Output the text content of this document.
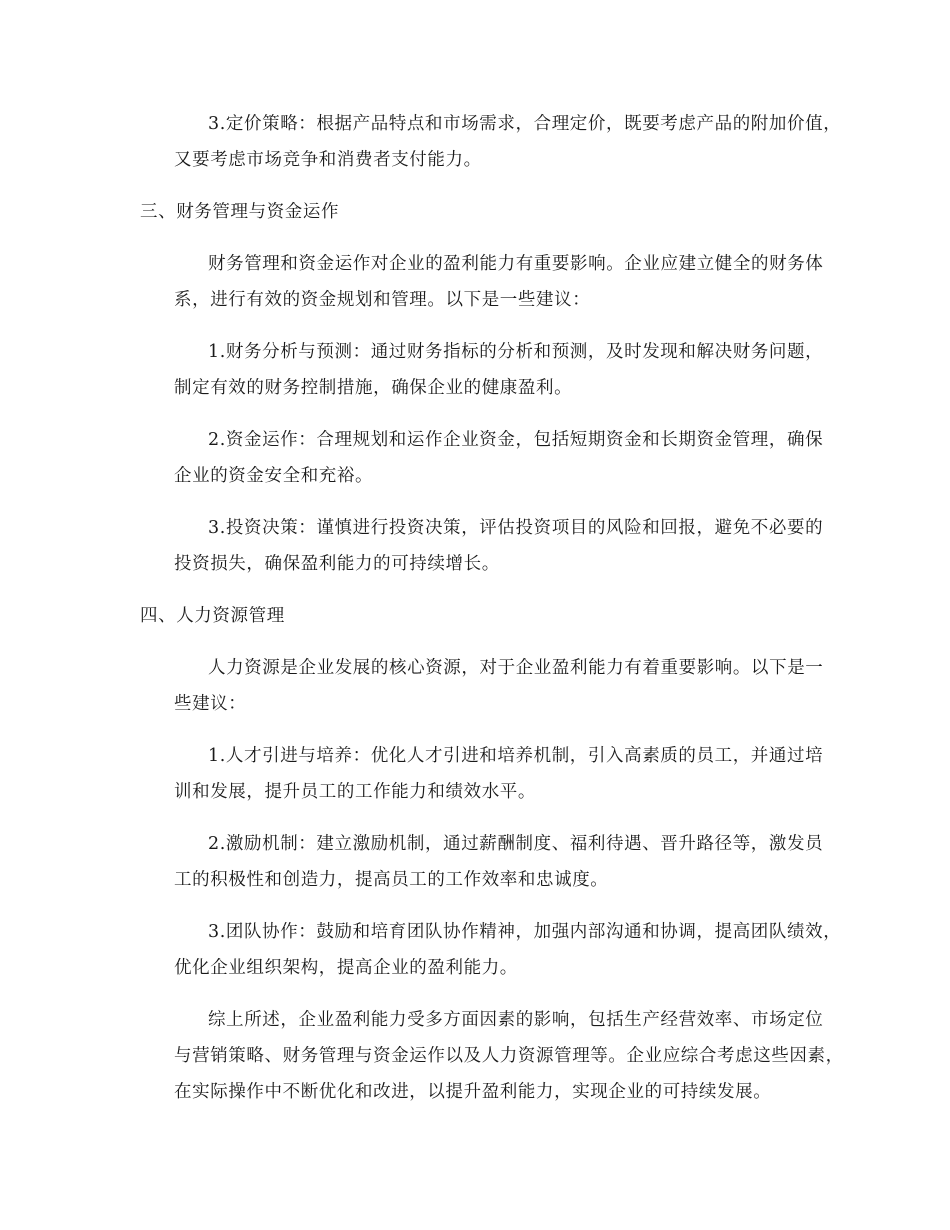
3.定价策略：根据产品特点和市场需求，合理定价，既要考虑产品的附加价值，
又要考虑市场竞争和消费者支付能力。

三、财务管理与资金运作

财务管理和资金运作对企业的盈利能力有重要影响。企业应建立健全的财务体
系，进行有效的资金规划和管理。以下是一些建议：

1.财务分析与预测：通过财务指标的分析和预测，及时发现和解决财务问题，
制定有效的财务控制措施，确保企业的健康盈利。

2.资金运作：合理规划和运作企业资金，包括短期资金和长期资金管理，确保
企业的资金安全和充裕。

3.投资决策：谨慎进行投资决策，评估投资项目的风险和回报，避免不必要的
投资损失，确保盈利能力的可持续增长。

四、人力资源管理

人力资源是企业发展的核心资源，对于企业盈利能力有着重要影响。以下是一
些建议：

1.人才引进与培养：优化人才引进和培养机制，引入高素质的员工，并通过培
训和发展，提升员工的工作能力和绩效水平。

2.激励机制：建立激励机制，通过薪酬制度、福利待遇、晋升路径等，激发员
工的积极性和创造力，提高员工的工作效率和忠诚度。

3.团队协作：鼓励和培育团队协作精神，加强内部沟通和协调，提高团队绩效，
优化企业组织架构，提高企业的盈利能力。

综上所述，企业盈利能力受多方面因素的影响，包括生产经营效率、市场定位
与营销策略、财务管理与资金运作以及人力资源管理等。企业应综合考虑这些因素，
在实际操作中不断优化和改进，以提升盈利能力，实现企业的可持续发展。
